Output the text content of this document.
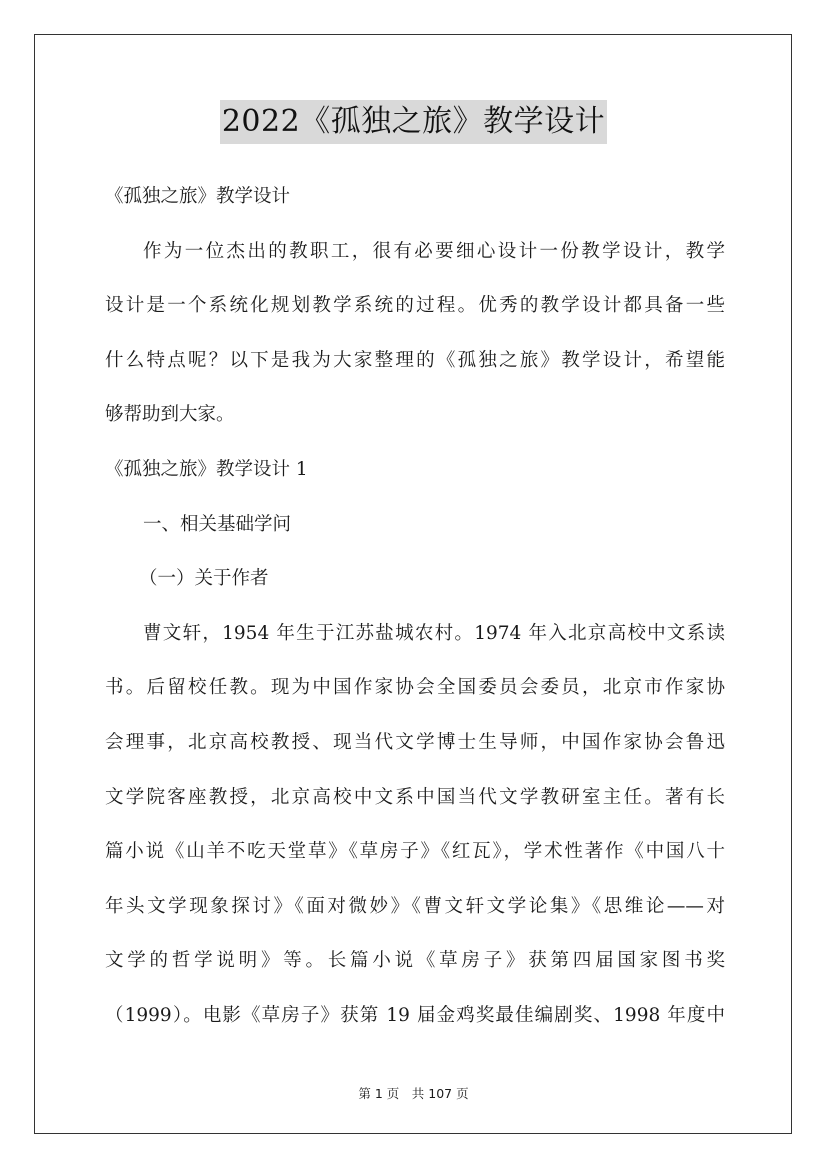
2022《孤独之旅》教学设计
《孤独之旅》教学设计
作为一位杰出的教职工，很有必要细心设计一份教学设计，教学
设计是一个系统化规划教学系统的过程。优秀的教学设计都具备一些
什么特点呢？以下是我为大家整理的《孤独之旅》教学设计，希望能
够帮助到大家。
《孤独之旅》教学设计 1
一、相关基础学问
（一）关于作者
曹文轩，1954 年生于江苏盐城农村。1974 年入北京高校中文系读
书。后留校任教。现为中国作家协会全国委员会委员，北京市作家协
会理事，北京高校教授、现当代文学博士生导师，中国作家协会鲁迅
文学院客座教授，北京高校中文系中国当代文学教研室主任。著有长
篇小说《山羊不吃天堂草》《草房子》《红瓦》，学术性著作《中国八十
年头文学现象探讨》《面对微妙》《曹文轩文学论集》《思维论——对
文学的哲学说明》等。长篇小说《草房子》获第四届国家图书奖
（1999）。电影《草房子》获第 19 届金鸡奖最佳编剧奖、1998 年度中
第 1 页　共 107 页
